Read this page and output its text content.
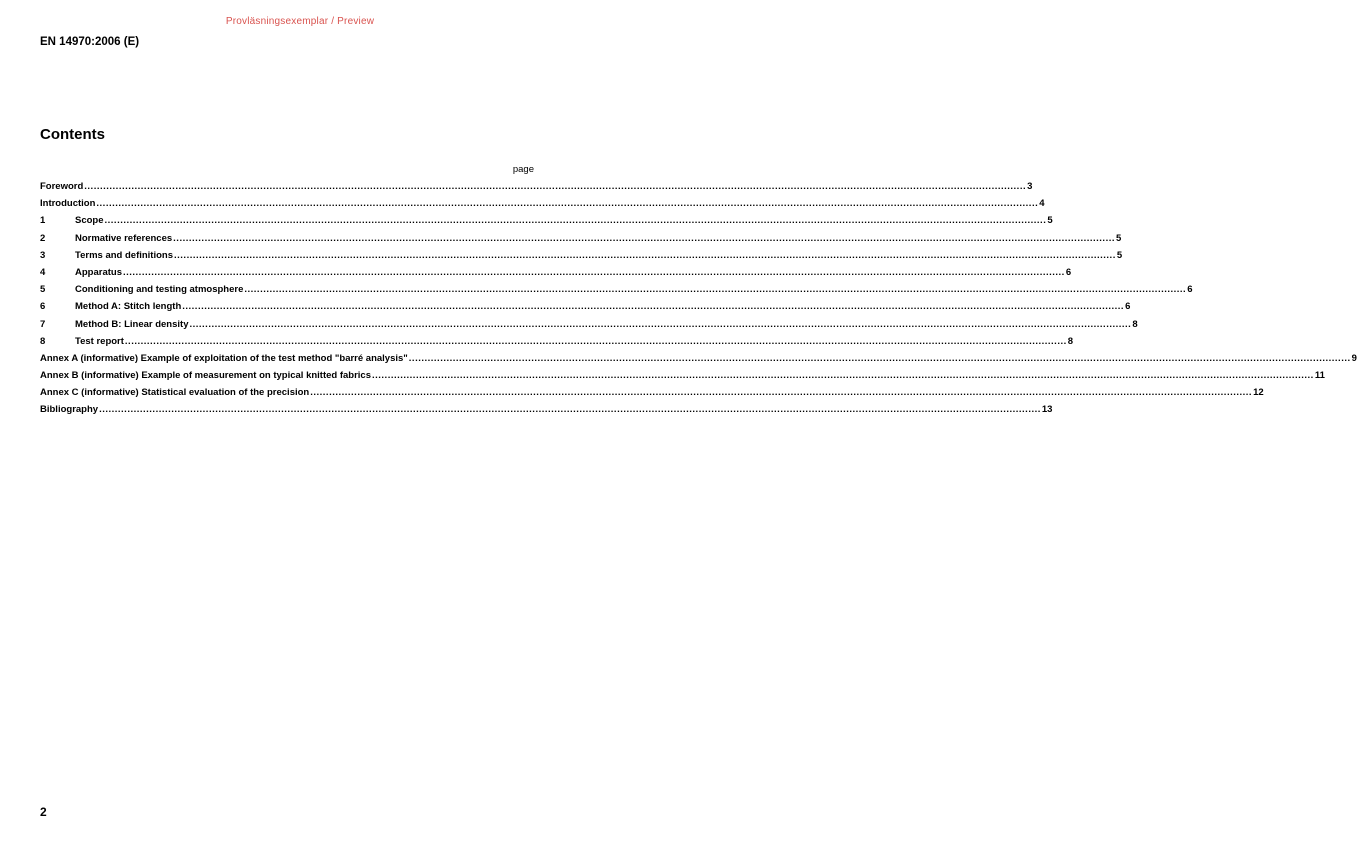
Provläsningsexemplar / Preview
EN 14970:2006 (E)
Contents
page
Foreword ............................................................................................................................................................................................................................................................................................................ 3
Introduction ............................................................................................................................................................................................................................................................................................................ 4
1	Scope ............................................................................................................................................................................................................................................................................................................ 5
2	Normative references ............................................................................................................................................................................................................................................................................................................ 5
3	Terms and definitions ............................................................................................................................................................................................................................................................................................................ 5
4	Apparatus ............................................................................................................................................................................................................................................................................................................ 6
5	Conditioning and testing atmosphere ............................................................................................................................................................................................................................................................................................................ 6
6	Method A: Stitch length ............................................................................................................................................................................................................................................................................................................ 6
7	Method B: Linear density ............................................................................................................................................................................................................................................................................................................ 8
8	Test report ............................................................................................................................................................................................................................................................................................................ 8
Annex A (informative) Example of exploitation of the test method "barré analysis" ............................................................................................................................................................................................................................................................................................................ 9
Annex B (informative) Example of measurement on typical knitted fabrics ............................................................................................................................................................................................................................................................................................................ 11
Annex C (informative) Statistical evaluation of the precision ............................................................................................................................................................................................................................................................................................................ 12
Bibliography ............................................................................................................................................................................................................................................................................................................ 13
2
